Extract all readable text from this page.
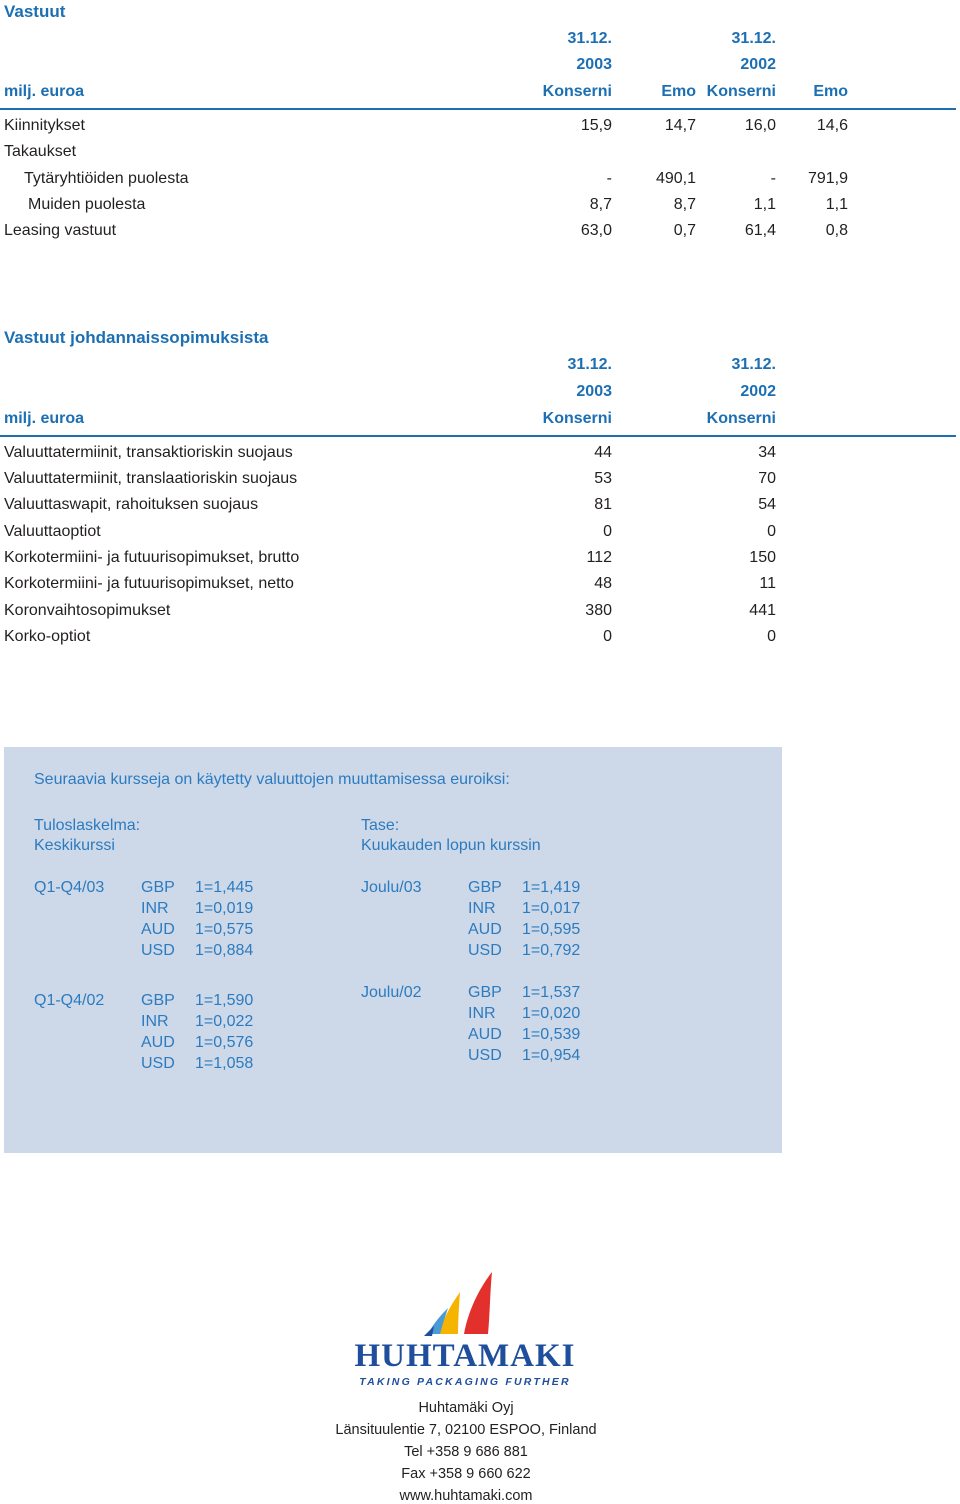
Vastuut
31.12.	31.12.
2003	2002
milj. euroa	Konserni	Emo Konserni	Emo
Kiinnitykset	15,9	14,7	16,0	14,6
Takaukset
Tytäryhtiöiden puolesta	-	490,1	-	791,9
Muiden puolesta	8,7	8,7	1,1	1,1
Leasing vastuut	63,0	0,7	61,4	0,8
Vastuut johdannaissopimuksista
31.12.	31.12.
2003	2002
milj. euroa	Konserni	Konserni
Valuuttatermiinit, transaktioriskin suojaus	44	34
Valuuttatermiinit, translaatioriskin suojaus	53	70
Valuuttaswapit, rahoituksen suojaus	81	54
Valuuttaoptiot	0	0
Korkotermiini- ja futuurisopimukset, brutto	112	150
Korkotermiini- ja futuurisopimukset, netto	48	11
Koronvaihtosopimukset	380	441
Korko-optiot	0	0
Seuraavia kursseja on käytetty valuuttojen muuttamisessa euroiksi:
Tuloslaskelma:
Keskikurssi
Tase:
Kuukauden lopun kurssin
Q1-Q4/03 GBP 1=1,445
INR 1=0,019
AUD 1=0,575
USD 1=0,884
Q1-Q4/02 GBP 1=1,590
INR 1=0,022
AUD 1=0,576
USD 1=1,058
Joulu/03	GBP 1=1,419
INR 1=0,017
AUD 1=0,595
USD 1=0,792
Joulu/02	GBP 1=1,537
INR 1=0,020
AUD 1=0,539
USD 1=0,954
HUHTAMAKI
TAKING PACKAGING FURTHER
Huhtamäki Oyj
Länsituulentie 7, 02100 ESPOO, Finland
Tel +358 9 686 881
Fax +358 9 660 622
www.huhtamaki.com
